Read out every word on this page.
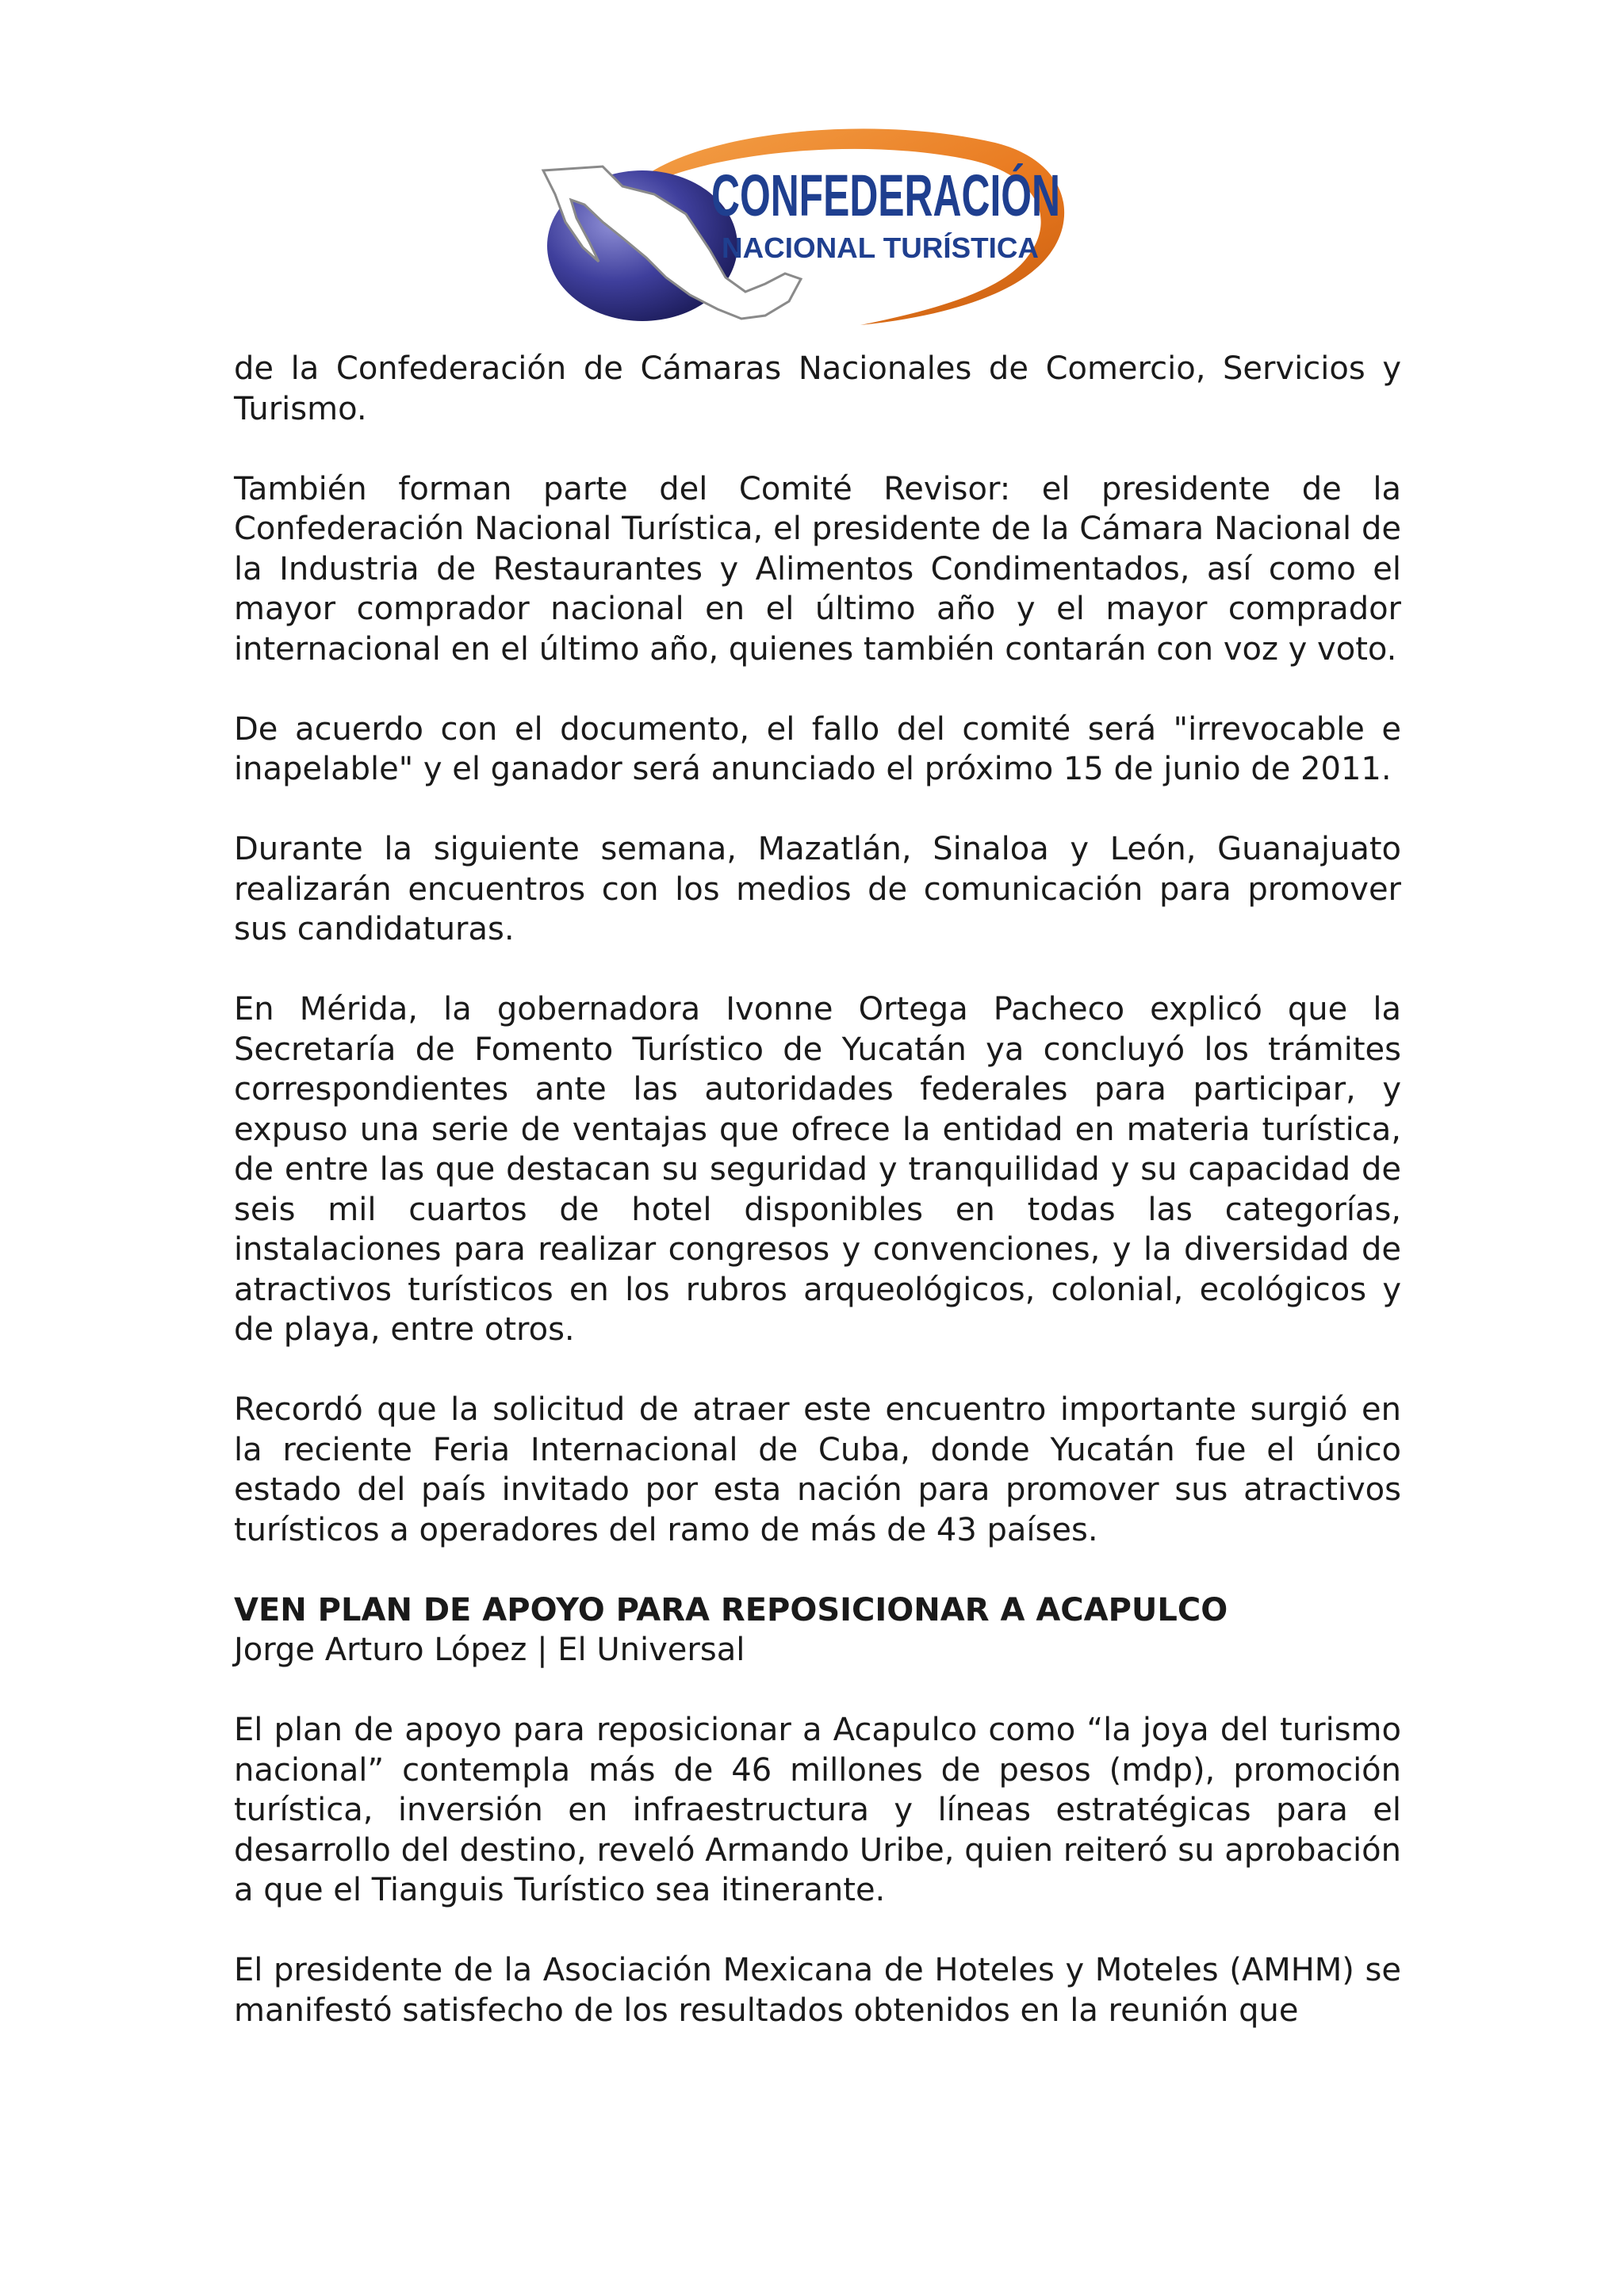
CONFEDERACIÓN
NACIONAL TURÍSTICA

de la Confederación de Cámaras Nacionales de Comercio, Servicios y Turismo.

También forman parte del Comité Revisor: el presidente de la Confederación Nacional Turística, el presidente de la Cámara Nacional de la Industria de Restaurantes y Alimentos Condimentados, así como el mayor comprador nacional en el último año y el mayor comprador internacional en el último año, quienes también contarán con voz y voto.

De acuerdo con el documento, el fallo del comité será "irrevocable e inapelable" y el ganador será anunciado el próximo 15 de junio de 2011.

Durante la siguiente semana, Mazatlán, Sinaloa y León, Guanajuato realizarán encuentros con los medios de comunicación para promover sus candidaturas.

En Mérida, la gobernadora Ivonne Ortega Pacheco explicó que la Secretaría de Fomento Turístico de Yucatán ya concluyó los trámites correspondientes ante las autoridades federales para participar, y expuso una serie de ventajas que ofrece la entidad en materia turística, de entre las que destacan su seguridad y tranquilidad y su capacidad de seis mil cuartos de hotel disponibles en todas las categorías, instalaciones para realizar congresos y convenciones, y la diversidad de atractivos turísticos en los rubros arqueológicos, colonial, ecológicos y de playa, entre otros.

Recordó que la solicitud de atraer este encuentro importante surgió en la reciente Feria Internacional de Cuba, donde Yucatán fue el único estado del país invitado por esta nación para promover sus atractivos turísticos a operadores del ramo de más de 43 países.

VEN PLAN DE APOYO PARA REPOSICIONAR A ACAPULCO

Jorge Arturo López | El Universal

El plan de apoyo para reposicionar a Acapulco como “la joya del turismo nacional” contempla más de 46 millones de pesos (mdp), promoción turística, inversión en infraestructura y líneas estratégicas para el desarrollo del destino, reveló Armando Uribe, quien reiteró su aprobación a que el Tianguis Turístico sea itinerante.

El presidente de la Asociación Mexicana de Hoteles y Moteles (AMHM) se manifestó satisfecho de los resultados obtenidos en la reunión que
